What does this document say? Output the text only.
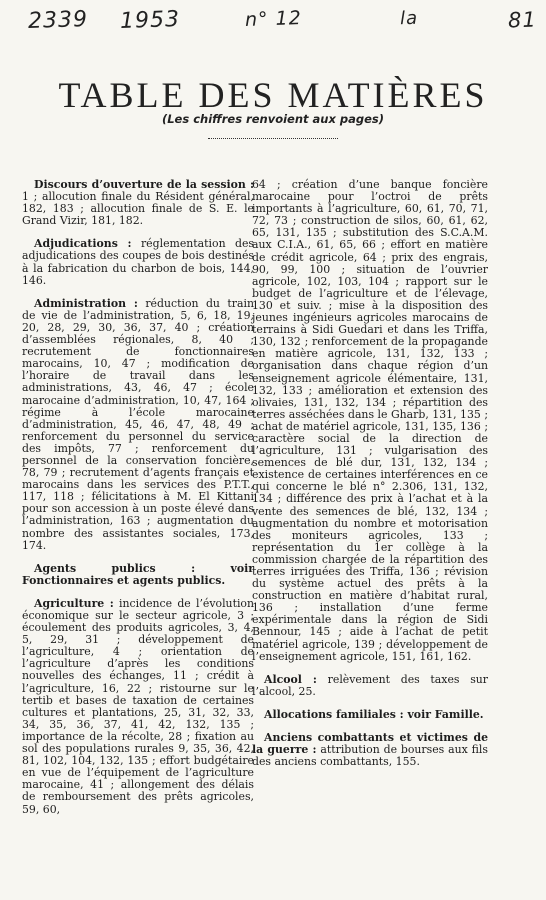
2339 1953	n° 12	la	81
TABLE DES MATIÈRES
(Les chiffres renvoient aux pages)

Discours d’ouverture de la session : 1 ; allocution finale du Résident général, 182, 183 ; allocution finale de S. E. le Grand Vizir, 181, 182.

Adjudications : réglementation des adjudications des coupes de bois destinés à la fabrication du charbon de bois, 144, 146.

Administration : réduction du train de vie de l’administration, 5, 6, 18, 19, 20, 28, 29, 30, 36, 37, 40 ; création d’assemblées régionales, 8, 40 ; recrutement de fonctionnaires marocains, 10, 47 ; modification de l’horaire de travail dans les administrations, 43, 46, 47 ; école marocaine d’administration, 10, 47, 164 ; régime à l’école marocaine d’administration, 45, 46, 47, 48, 49 ; renforcement du personnel du service des impôts, 77 ; renforcement du personnel de la conservation foncière, 78, 79 ; recrutement d’agents français et marocains dans les services des P.T.T., 117, 118 ; félicitations à M. El Kittani pour son accession à un poste élevé dans l’administration, 163 ; augmentation du nombre des assistantes sociales, 173, 174.

Agents publics : voir Fonctionnaires et agents publics.

Agriculture : incidence de l’évolution économique sur le secteur agricole, 3 ; écoulement des produits agricoles, 3, 4, 5, 29, 31 ; développement de l’agriculture, 4 ; orientation de l’agriculture d’après les conditions nouvelles des échanges, 11 ; crédit à l’agriculture, 16, 22 ; ristourne sur le tertib et bases de taxation de certaines cultures et plantations, 25, 31, 32, 33, 34, 35, 36, 37, 41, 42, 132, 135 ; importance de la récolte, 28 ; fixation au sol des populations rurales 9, 35, 36, 42, 81, 102, 104, 132, 135 ; effort budgétaire en vue de l’équipement de l’agriculture marocaine, 41 ; allongement des délais de remboursement des prêts agricoles, 59, 60,

64 ; création d’une banque foncière marocaine pour l’octroi de prêts importants à l’agriculture, 60, 61, 70, 71, 72, 73 ; construction de silos, 60, 61, 62, 65, 131, 135 ; substitution des S.C.A.M. aux C.I.A., 61, 65, 66 ; effort en matière de crédit agricole, 64 ; prix des engrais, 90, 99, 100 ; situation de l’ouvrier agricole, 102, 103, 104 ; rapport sur le budget de l’agriculture et de l’élevage, 130 et suiv. ; mise à la disposition des jeunes ingénieurs agricoles marocains de terrains à Sidi Guedari et dans les Triffa, 130, 132 ; renforcement de la propagande en matière agricole, 131, 132, 133 ; organisation dans chaque région d’un enseignement agricole élémentaire, 131, 132, 133 ; amélioration et extension des olivaies, 131, 132, 134 ; répartition des terres asséchées dans le Gharb, 131, 135 ; achat de matériel agricole, 131, 135, 136 ; caractère social de la direction de l’agriculture, 131 ; vulgarisation des semences de blé dur, 131, 132, 134 ; existence de certaines interférences en ce qui concerne le blé n° 2.306, 131, 132, 134 ; différence des prix à l’achat et à la vente des semences de blé, 132, 134 ; augmentation du nombre et motorisation des moniteurs agricoles, 133 ; représentation du 1er collège à la commission chargée de la répartition des terres irriguées des Triffa, 136 ; révision du système actuel des prêts à la construction en matière d’habitat rural, 136 ; installation d’une ferme expérimentale dans la région de Sidi Bennour, 145 ; aide à l’achat de petit matériel agricole, 139 ; développement de l’enseignement agricole, 151, 161, 162.

Alcool : relèvement des taxes sur l’alcool, 25.

Allocations familiales : voir Famille.

Anciens combattants et victimes de la guerre : attribution de bourses aux fils des anciens combattants, 155.
